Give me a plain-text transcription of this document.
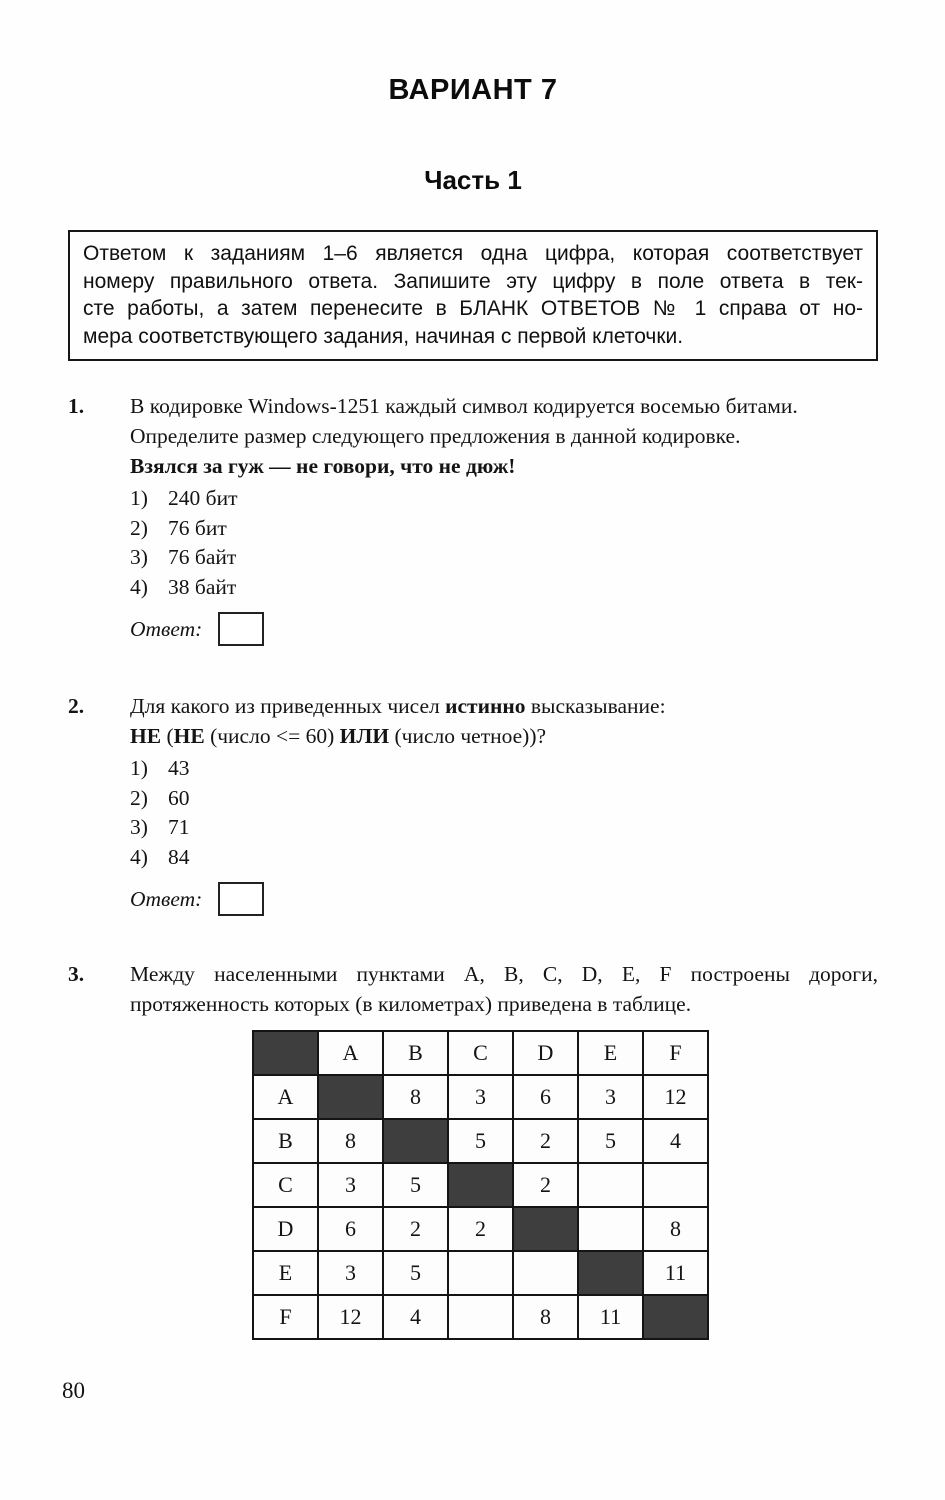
ВАРИАНТ 7
Часть 1
Ответом к заданиям 1–6 является одна цифра, которая соответствует
номеру правильного ответа. Запишите эту цифру в поле ответа в тек-
сте работы, а затем перенесите в БЛАНК ОТВЕТОВ № 1 справа от но-
мера соответствующего задания, начиная с первой клеточки.
1.	В кодировке Windows-1251 каждый символ кодируется восемью битами.

Определите размер следующего предложения в данной кодировке.

Взялся за гуж — не говори, что не дюж!

1) 240 бит
2) 76 бит
3) 76 байт
4) 38 байт
Ответ:
2.	Для какого из приведенных чисел истинно высказывание:

НЕ (НЕ (число <= 60) ИЛИ (число четное))?

1) 43
2) 60
3) 71
4) 84
Ответ:
3.	Между населенными пунктами A, B, C, D, E, F построены дороги, протяженность которых (в километрах) приведена в таблице.

	A	B	C	D	E	F
A		8	3	6	3	12
B	8		5	2	5	4
C	3	5		2		
D	6	2	2			8
E	3	5				11
F	12	4		8	11	
80
